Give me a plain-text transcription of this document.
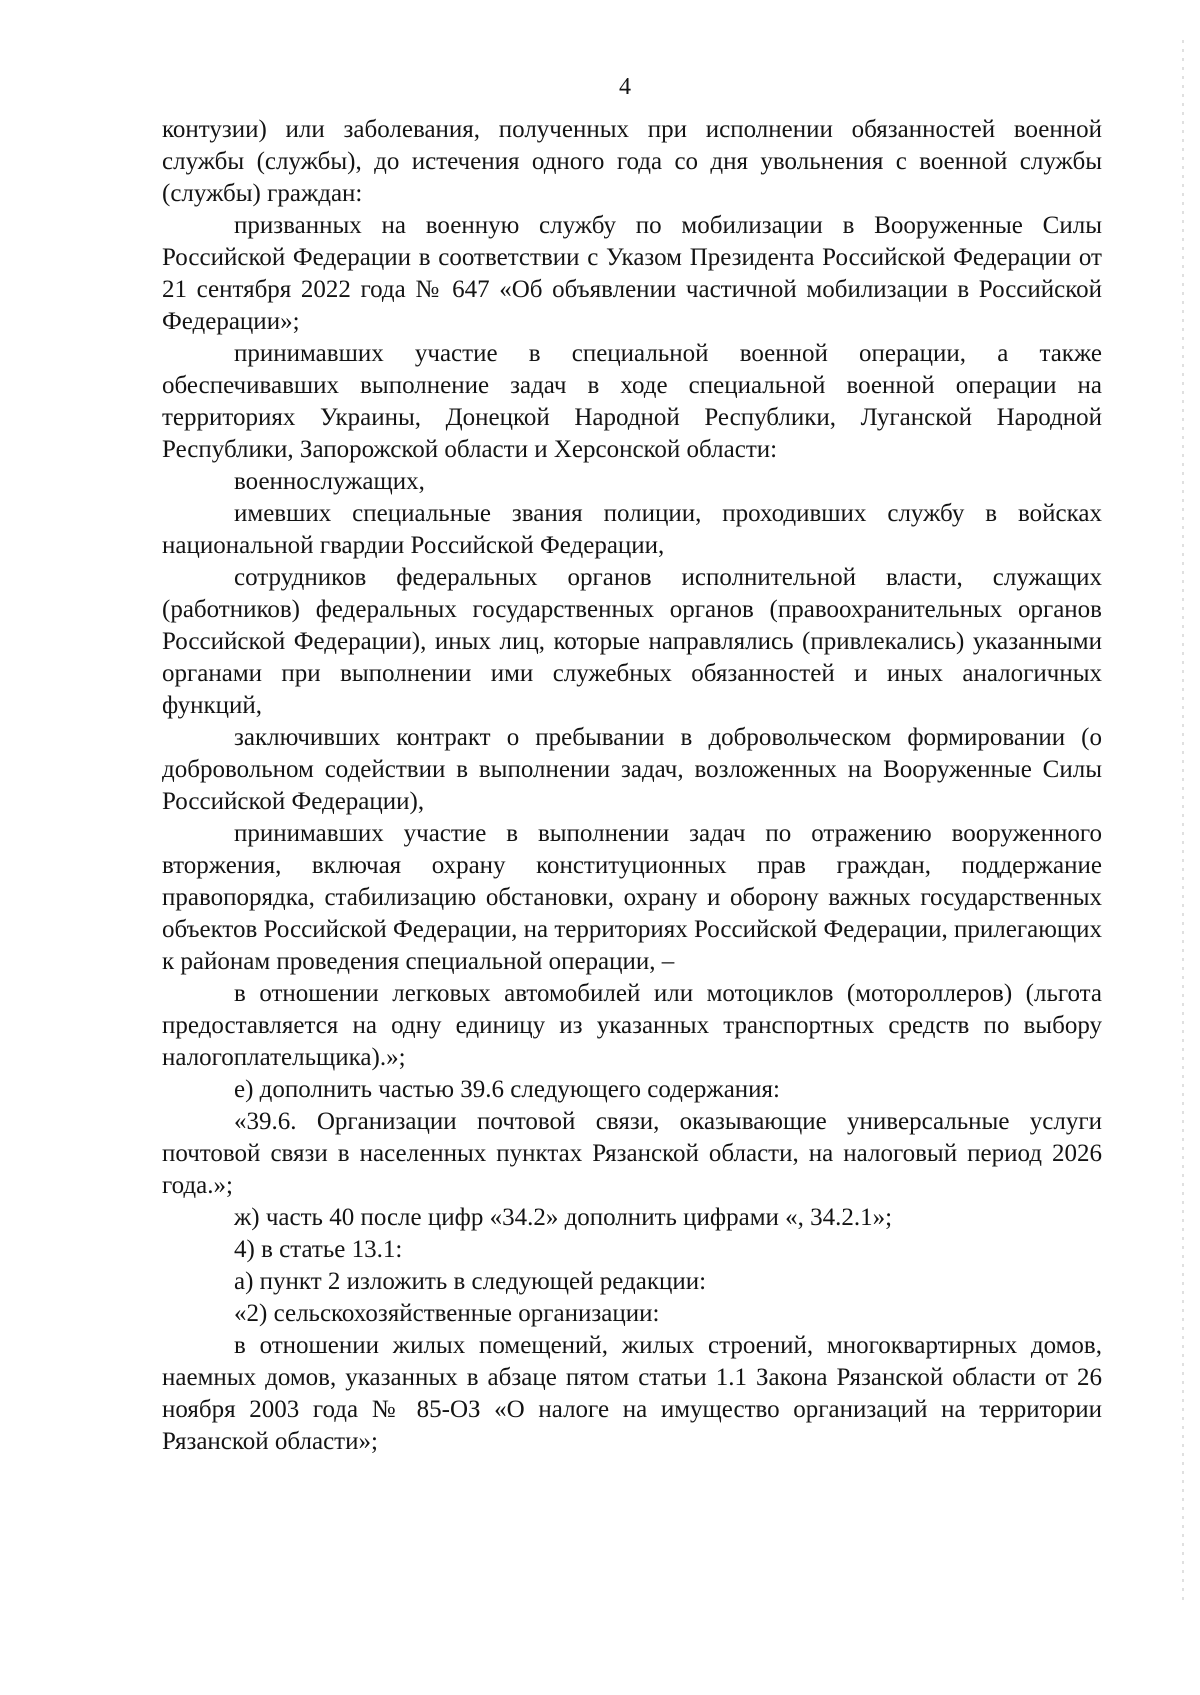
4

контузии) или заболевания, полученных при исполнении обязанностей военной службы (службы), до истечения одного года со дня увольнения с военной службы (службы) граждан:

призванных на военную службу по мобилизации в Вооруженные Силы Российской Федерации в соответствии с Указом Президента Российской Федерации от 21 сентября 2022 года № 647 «Об объявлении частичной мобилизации в Российской Федерации»;

принимавших участие в специальной военной операции, а также обеспечивавших выполнение задач в ходе специальной военной операции на территориях Украины, Донецкой Народной Республики, Луганской Народной Республики, Запорожской области и Херсонской области:

военнослужащих,

имевших специальные звания полиции, проходивших службу в войсках национальной гвардии Российской Федерации,

сотрудников федеральных органов исполнительной власти, служащих (работников) федеральных государственных органов (правоохранительных органов Российской Федерации), иных лиц, которые направлялись (привлекались) указанными органами при выполнении ими служебных обязанностей и иных аналогичных функций,

заключивших контракт о пребывании в добровольческом формировании (о добровольном содействии в выполнении задач, возложенных на Вооруженные Силы Российской Федерации),

принимавших участие в выполнении задач по отражению вооруженного вторжения, включая охрану конституционных прав граждан, поддержание правопорядка, стабилизацию обстановки, охрану и оборону важных государственных объектов Российской Федерации, на территориях Российской Федерации, прилегающих к районам проведения специальной операции, –

в отношении легковых автомобилей или мотоциклов (мотороллеров) (льгота предоставляется на одну единицу из указанных транспортных средств по выбору налогоплательщика).»;

е) дополнить частью 39.6 следующего содержания:

«39.6. Организации почтовой связи, оказывающие универсальные услуги почтовой связи в населенных пунктах Рязанской области, на налоговый период 2026 года.»;

ж) часть 40 после цифр «34.2» дополнить цифрами «, 34.2.1»;

4) в статье 13.1:

а) пункт 2 изложить в следующей редакции:

«2) сельскохозяйственные организации:

в отношении жилых помещений, жилых строений, многоквартирных домов, наемных домов, указанных в абзаце пятом статьи 1.1 Закона Рязанской области от 26 ноября 2003 года № 85-ОЗ «О налоге на имущество организаций на территории Рязанской области»;
